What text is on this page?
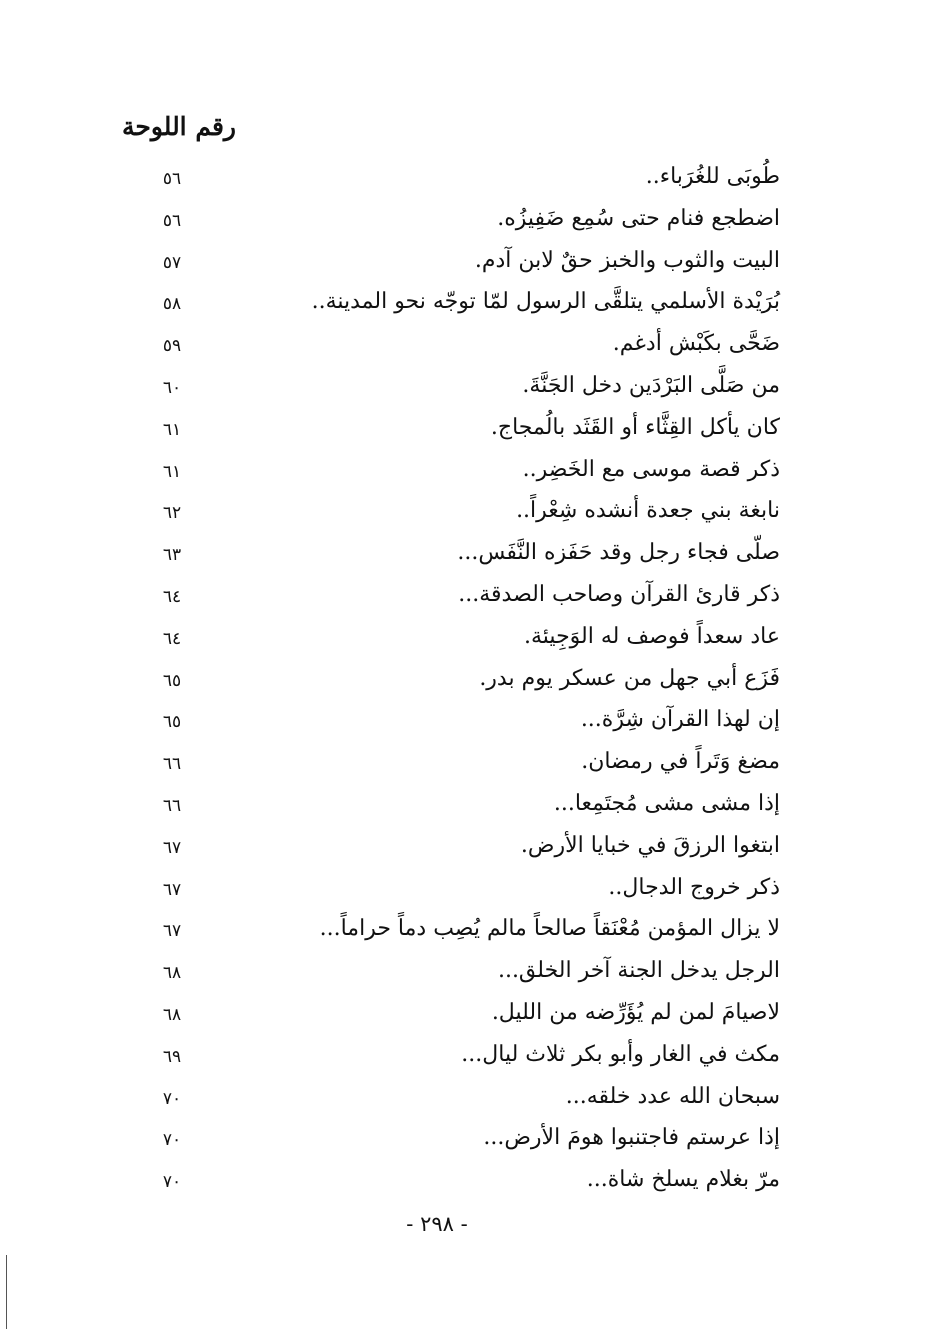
رقم اللوحة
طُوبَى للغُرَباء..
٥٦
اضطجع فنام حتى سُمِع ضَفِيزُه.
٥٦
البيت والثوب والخبز حقٌ لابن آدم.
٥٧
بُرَيْدة الأسلمي يتلقَّى الرسول لمّا توجّه نحو المدينة..
٥٨
ضَحَّى بكَبْش أدغم.
٥٩
من صَلَّى البَرْدَين دخل الجَنَّةَ.
٦٠
كان يأكل القِثَّاء أو القَثَد بالُمجاج.
٦١
ذكر قصة موسى مع الخَضِر..
٦١
نابغة بني جعدة أنشده شِعْراً..
٦٢
صلّى فجاء رجل وقد حَفَزه النَّفَس...
٦٣
ذكر قارئ القرآن وصاحب الصدقة...
٦٤
عاد سعداً فوصف له الوَجِيئة.
٦٤
فَزَع أبي جهل من عسكر يوم بدر.
٦٥
إن لهذا القرآن شِرَّة...
٦٥
مضغ وَتَراً في رمضان.
٦٦
إذا مشى مشى مُجتَمِعا...
٦٦
ابتغوا الرزقَ في خبايا الأرض.
٦٧
ذكر خروج الدجال..
٦٧
لا يزال المؤمن مُعْنَقاً صالحاً مالم يُصِب دماً حراماً...
٦٧
الرجل يدخل الجنة آخر الخلق...
٦٨
لاصيامَ لمن لم يُؤَرِّضه من الليل.
٦٨
مكث في الغار وأبو بكر ثلاث ليال...
٦٩
سبحان الله عدد خلقه...
٧٠
إذا عرستم فاجتنبوا هومَ الأرض...
٧٠
مرّ بغلام يسلخ شاة...
٧٠
- ٢٩٨ -
